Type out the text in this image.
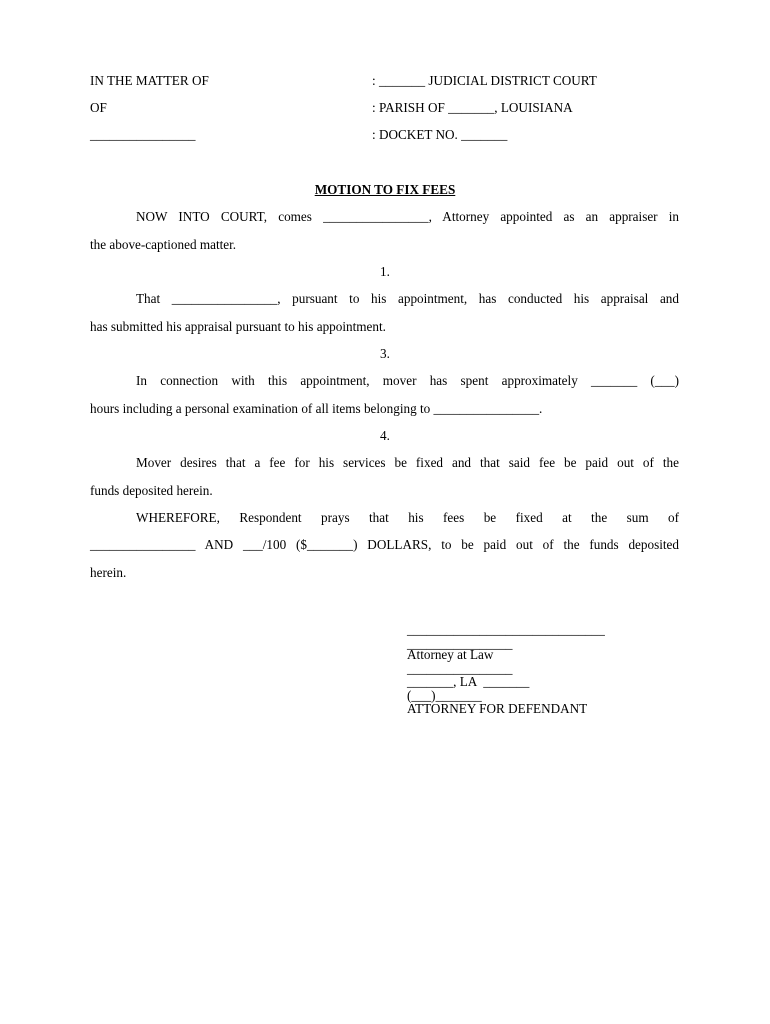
IN THE MATTER OF	: _______ JUDICIAL DISTRICT COURT
OF	: PARISH OF _______, LOUISIANA
________________	: DOCKET NO. _______
MOTION TO FIX FEES
NOW INTO COURT, comes ________________, Attorney appointed as an appraiser in
the above-captioned matter.
1.
That ________________, pursuant to his appointment, has conducted his appraisal and
has submitted his appraisal pursuant to his appointment.
3.
In connection with this appointment, mover has spent approximately _______ (___)
hours including a personal examination of all items belonging to ________________.
4.
Mover desires that a fee for his services be fixed and that said fee be paid out of the
funds deposited herein.
WHEREFORE, Respondent prays that his fees be fixed at the sum of
________________ AND ___/100 ($_______) DOLLARS, to be paid out of the funds deposited
herein.
______________________________
________________
Attorney at Law
________________
_______, LA  _______
(___)_______
ATTORNEY FOR DEFENDANT
